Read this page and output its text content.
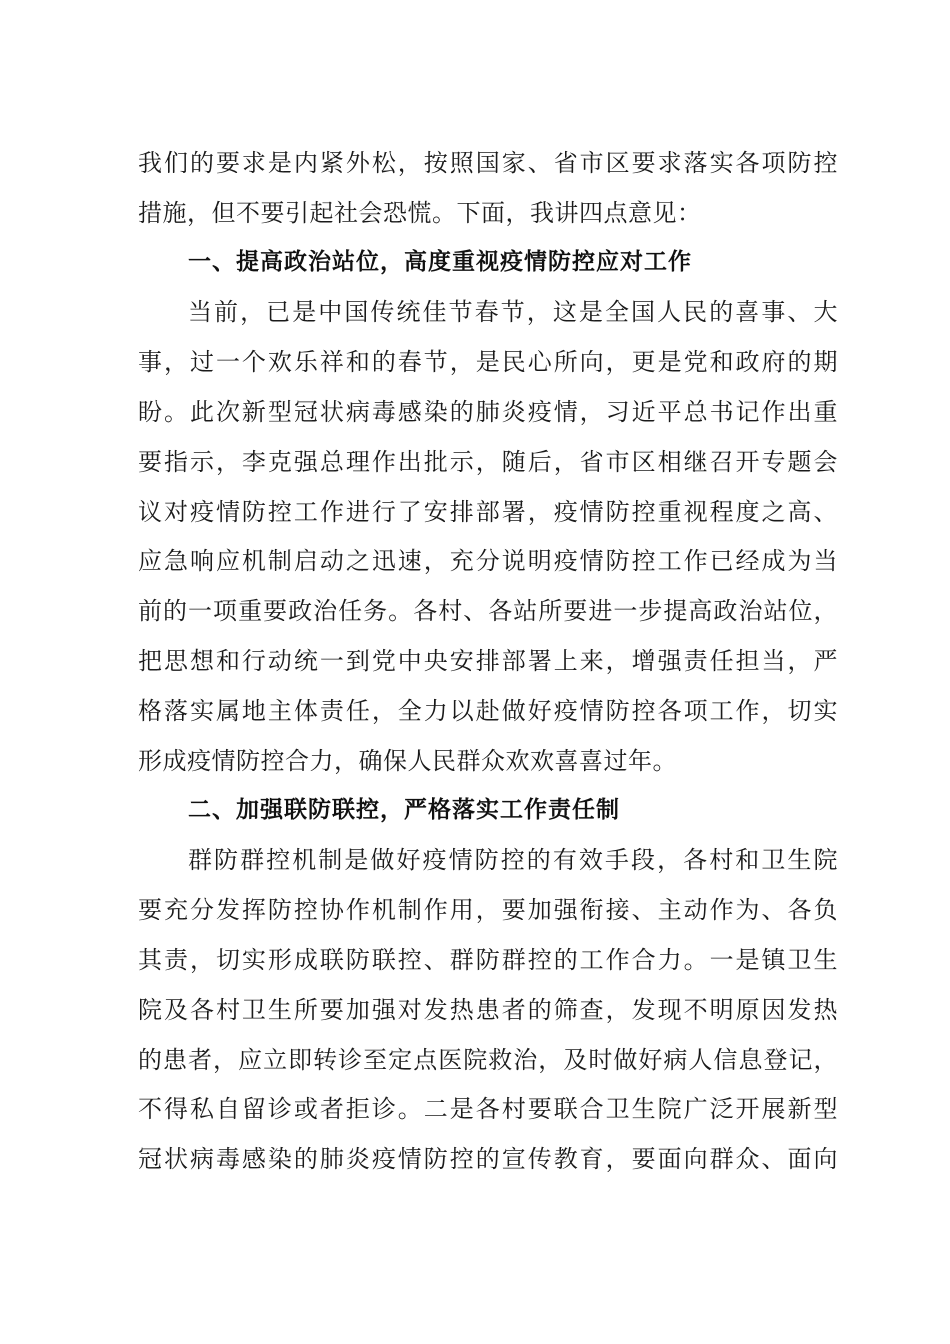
我们的要求是内紧外松，按照国家、省市区要求落实各项防控
措施，但不要引起社会恐慌。下面，我讲四点意见：
一、提高政治站位，高度重视疫情防控应对工作
当前，已是中国传统佳节春节，这是全国人民的喜事、大
事，过一个欢乐祥和的春节，是民心所向，更是党和政府的期
盼。此次新型冠状病毒感染的肺炎疫情，习近平总书记作出重
要指示，李克强总理作出批示，随后，省市区相继召开专题会
议对疫情防控工作进行了安排部署，疫情防控重视程度之高、
应急响应机制启动之迅速，充分说明疫情防控工作已经成为当
前的一项重要政治任务。各村、各站所要进一步提高政治站位，
把思想和行动统一到党中央安排部署上来，增强责任担当，严
格落实属地主体责任，全力以赴做好疫情防控各项工作，切实
形成疫情防控合力，确保人民群众欢欢喜喜过年。
二、加强联防联控，严格落实工作责任制
群防群控机制是做好疫情防控的有效手段，各村和卫生院
要充分发挥防控协作机制作用，要加强衔接、主动作为、各负
其责，切实形成联防联控、群防群控的工作合力。一是镇卫生
院及各村卫生所要加强对发热患者的筛查，发现不明原因发热
的患者，应立即转诊至定点医院救治，及时做好病人信息登记，
不得私自留诊或者拒诊。二是各村要联合卫生院广泛开展新型
冠状病毒感染的肺炎疫情防控的宣传教育，要面向群众、面向
